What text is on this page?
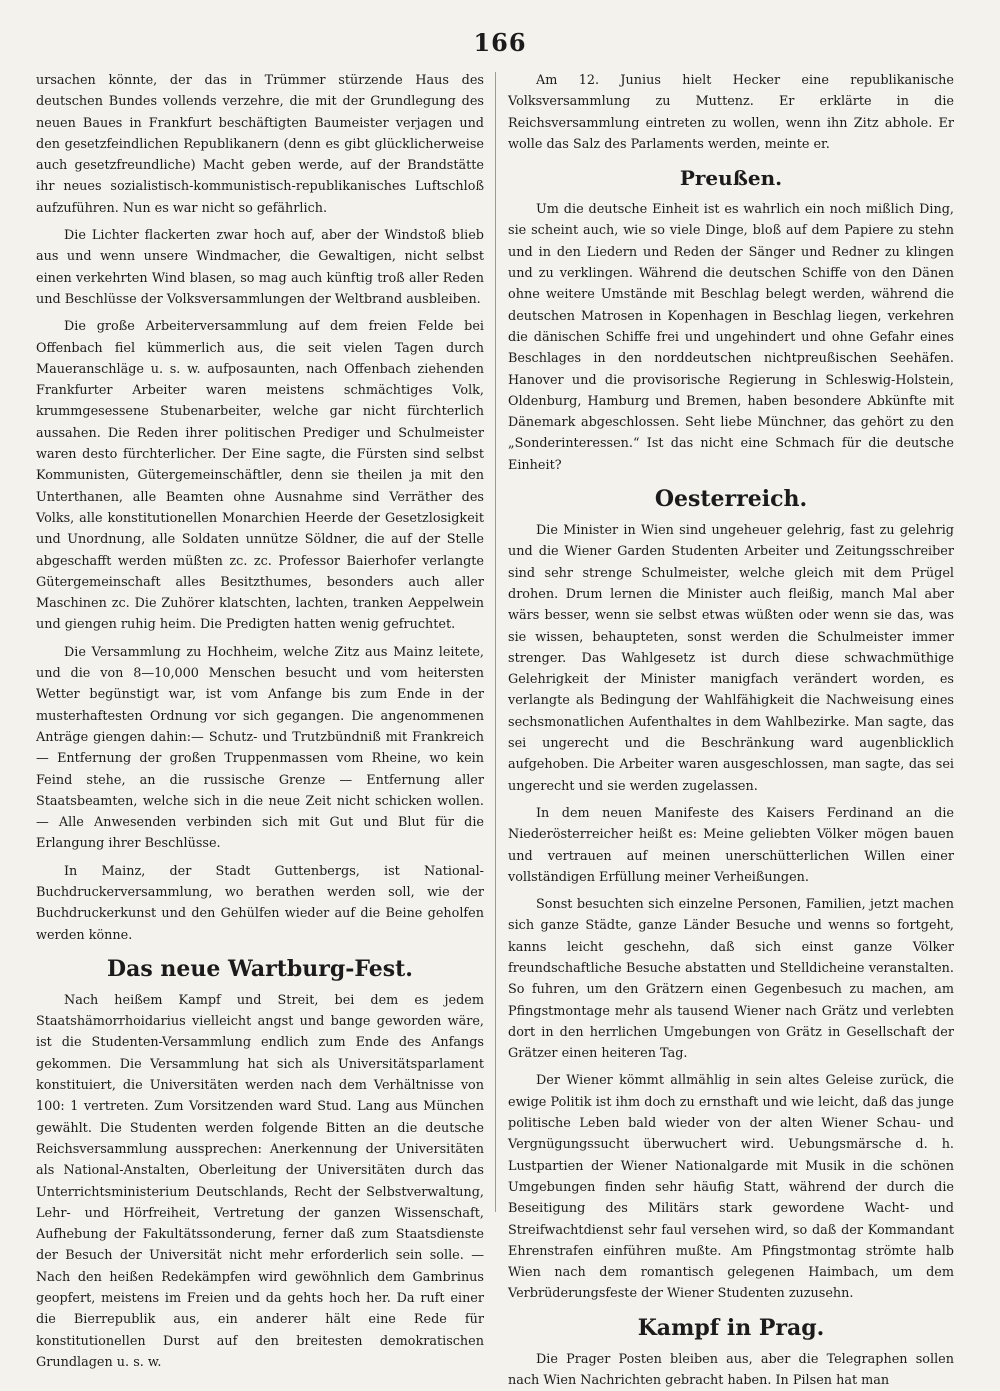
166

ursachen könnte, der das in Trümmer stürzende Haus des deutschen Bundes vollends verzehre, die mit der Grundlegung des neuen Baues in Frankfurt beschäftigten Baumeister verjagen und den gesetzfeindlichen Republikanern (denn es gibt glücklicherweise auch gesetzfreundliche) Macht geben werde, auf der Brandstätte ihr neues sozialistisch-kommunistisch-republikanisches Luftschloß aufzuführen. Nun es war nicht so gefährlich.

Die Lichter flackerten zwar hoch auf, aber der Windstoß blieb aus und wenn unsere Windmacher, die Gewaltigen, nicht selbst einen verkehrten Wind blasen, so mag auch künftig troß aller Reden und Beschlüsse der Volksversammlungen der Weltbrand ausbleiben.

Die große Arbeiterversammlung auf dem freien Felde bei Offenbach fiel kümmerlich aus, die seit vielen Tagen durch Maueranschläge u. s. w. aufposaunten, nach Offenbach ziehenden Frankfurter Arbeiter waren meistens schmächtiges Volk, krummgesessene Stubenarbeiter, welche gar nicht fürchterlich aussahen. Die Reden ihrer politischen Prediger und Schulmeister waren desto fürchterlicher. Der Eine sagte, die Fürsten sind selbst Kommunisten, Gütergemeinschäftler, denn sie theilen ja mit den Unterthanen, alle Beamten ohne Ausnahme sind Verräther des Volks, alle konstitutionellen Monarchien Heerde der Gesetzlosigkeit und Unordnung, alle Soldaten unnütze Söldner, die auf der Stelle abgeschafft werden müßten zc. zc. Professor Baierhofer verlangte Gütergemeinschaft alles Besitzthumes, besonders auch aller Maschinen zc. Die Zuhörer klatschten, lachten, tranken Aeppelwein und giengen ruhig heim. Die Predigten hatten wenig gefruchtet.

Die Versammlung zu Hochheim, welche Zitz aus Mainz leitete, und die von 8—10,000 Menschen besucht und vom heitersten Wetter begünstigt war, ist vom Anfange bis zum Ende in der musterhaftesten Ordnung vor sich gegangen. Die angenommenen Anträge giengen dahin:— Schutz- und Trutzbündniß mit Frankreich — Entfernung der großen Truppenmassen vom Rheine, wo kein Feind stehe, an die russische Grenze — Entfernung aller Staatsbeamten, welche sich in die neue Zeit nicht schicken wollen. — Alle Anwesenden verbinden sich mit Gut und Blut für die Erlangung ihrer Beschlüsse.

In Mainz, der Stadt Guttenbergs, ist National-Buchdruckerversammlung, wo berathen werden soll, wie der Buchdruckerkunst und den Gehülfen wieder auf die Beine geholfen werden könne.

Das neue Wartburg-Fest.

Nach heißem Kampf und Streit, bei dem es jedem Staatshämorrhoidarius vielleicht angst und bange geworden wäre, ist die Studenten-Versammlung endlich zum Ende des Anfangs gekommen. Die Versammlung hat sich als Universitätsparlament konstituiert, die Universitäten werden nach dem Verhältnisse von 100: 1 vertreten. Zum Vorsitzenden ward Stud. Lang aus München gewählt. Die Studenten werden folgende Bitten an die deutsche Reichsversammlung aussprechen: Anerkennung der Universitäten als National-Anstalten, Oberleitung der Universitäten durch das Unterrichtsministerium Deutschlands, Recht der Selbstverwaltung, Lehr- und Hörfreiheit, Vertretung der ganzen Wissenschaft, Aufhebung der Fakultätssonderung, ferner daß zum Staatsdienste der Besuch der Universität nicht mehr erforderlich sein solle. — Nach den heißen Redekämpfen wird gewöhnlich dem Gambrinus geopfert, meistens im Freien und da gehts hoch her. Da ruft einer die Bierrepublik aus, ein anderer hält eine Rede für konstitutionellen Durst auf den breitesten demokratischen Grundlagen u. s. w.

Am 12. Junius hielt Hecker eine republikanische Volksversammlung zu Muttenz. Er erklärte in die Reichsversammlung eintreten zu wollen, wenn ihn Zitz abhole. Er wolle das Salz des Parlaments werden, meinte er.

Preußen.

Um die deutsche Einheit ist es wahrlich ein noch mißlich Ding, sie scheint auch, wie so viele Dinge, bloß auf dem Papiere zu stehn und in den Liedern und Reden der Sänger und Redner zu klingen und zu verklingen. Während die deutschen Schiffe von den Dänen ohne weitere Umstände mit Beschlag belegt werden, während die deutschen Matrosen in Kopenhagen in Beschlag liegen, verkehren die dänischen Schiffe frei und ungehindert und ohne Gefahr eines Beschlages in den norddeutschen nichtpreußischen Seehäfen. Hanover und die provisorische Regierung in Schleswig-Holstein, Oldenburg, Hamburg und Bremen, haben besondere Abkünfte mit Dänemark abgeschlossen. Seht liebe Münchner, das gehört zu den „Sonderinteressen.“ Ist das nicht eine Schmach für die deutsche Einheit?

Oesterreich.

Die Minister in Wien sind ungeheuer gelehrig, fast zu gelehrig und die Wiener Garden Studenten Arbeiter und Zeitungsschreiber sind sehr strenge Schulmeister, welche gleich mit dem Prügel drohen. Drum lernen die Minister auch fleißig, manch Mal aber wärs besser, wenn sie selbst etwas wüßten oder wenn sie das, was sie wissen, behaupteten, sonst werden die Schulmeister immer strenger. Das Wahlgesetz ist durch diese schwachmüthige Gelehrigkeit der Minister manigfach verändert worden, es verlangte als Bedingung der Wahlfähigkeit die Nachweisung eines sechsmonatlichen Aufenthaltes in dem Wahlbezirke. Man sagte, das sei ungerecht und die Beschränkung ward augenblicklich aufgehoben. Die Arbeiter waren ausgeschlossen, man sagte, das sei ungerecht und sie werden zugelassen.

In dem neuen Manifeste des Kaisers Ferdinand an die Niederösterreicher heißt es: Meine geliebten Völker mögen bauen und vertrauen auf meinen unerschütterlichen Willen einer vollständigen Erfüllung meiner Verheißungen.

Sonst besuchten sich einzelne Personen, Familien, jetzt machen sich ganze Städte, ganze Länder Besuche und wenns so fortgeht, kanns leicht geschehn, daß sich einst ganze Völker freundschaftliche Besuche abstatten und Stelldicheine veranstalten. So fuhren, um den Grätzern einen Gegenbesuch zu machen, am Pfingstmontage mehr als tausend Wiener nach Grätz und verlebten dort in den herrlichen Umgebungen von Grätz in Gesellschaft der Grätzer einen heiteren Tag.

Der Wiener kömmt allmählig in sein altes Geleise zurück, die ewige Politik ist ihm doch zu ernsthaft und wie leicht, daß das junge politische Leben bald wieder von der alten Wiener Schau- und Vergnügungssucht überwuchert wird. Uebungsmärsche d. h. Lustpartien der Wiener Nationalgarde mit Musik in die schönen Umgebungen finden sehr häufig Statt, während der durch die Beseitigung des Militärs stark gewordene Wacht- und Streifwachtdienst sehr faul versehen wird, so daß der Kommandant Ehrenstrafen einführen mußte. Am Pfingstmontag strömte halb Wien nach dem romantisch gelegenen Haimbach, um dem Verbrüderungsfeste der Wiener Studenten zuzusehn.

Kampf in Prag.

Die Prager Posten bleiben aus, aber die Telegraphen sollen nach Wien Nachrichten gebracht haben. In Pilsen hat man
